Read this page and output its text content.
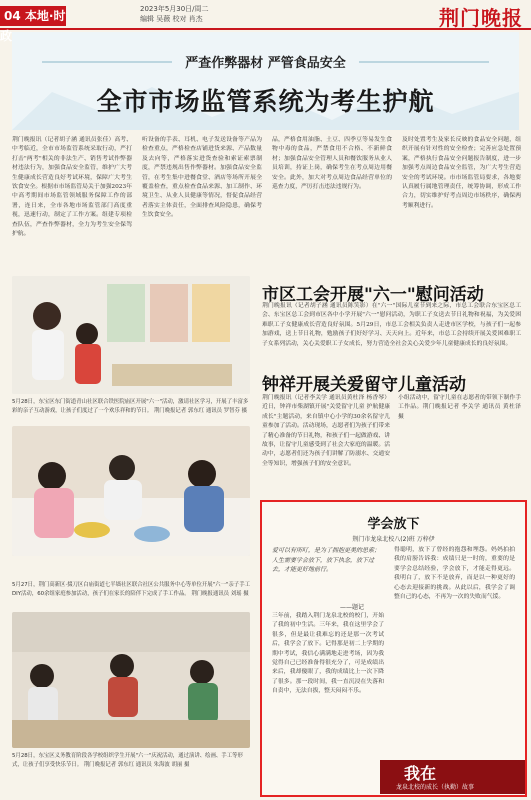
04 本地·时政
2023年5月30日/周二
编辑 吴薇 校对 肖杰	荆门晚报
严查作弊器材 严管食品安全
全市市场监管系统为考生护航
荆门晚报讯（记者胡子涵 通讯员张佳）高考、中考临近，全市市场监管系统采取行动，严打打击"两考"相关的非法生产、销售考试作弊器材违法行为，加强食品安全监管，维护广大考生健康成长营造良好考试环境，保障广大考生饮食安全。根据市市场监管局关于加强2023年中高考期间市场监管领域服务保障工作的部署，连日来，全市各地市场监管部门高度重视，迅速行动，制定了工作方案。组建专项检查队伍，严查作弊器材，全力为考生安全保驾护航。
听设备的手表、耳机、电子发送设备等产品为检查重点，严格检查店铺进货来源、产品数量及去向等，严格落实进货查验和索证索票制度，严禁违规出售作弊器材。加强食品安全监管，在考生集中进餐食堂、酒店等场所开展全覆盖检查，重点检查食品来源、加工制作、环境卫生、从业人员健康等情况，督促食品经营者落实主体责任，全面排查风险隐患，确保考生饮食安全。
品，严格食用油脂、土豆、四季豆等易发生食物中毒的食品，严禁食用不合格、不新鲜食材；加强食品安全管理人员和餐饮服务从业人员培训，持证上岗，确保考生在考点周边用餐安全。此外，加大对考点周边食品经营单位的巡查力度，严厉打击违法违规行为。
及时处置考生及家长反映的食品安全问题，组织开展有针对性的安全检查；完善应急处置预案，严格执行食品安全问题报告制度，进一步加强考点周边食品安全监管，为广大考生营造安全的考试环境。市市场监管局要求，各地要认真履行属地管理责任，统筹协调，形成工作合力，切实维护好考点周边市场秩序，确保两考顺利进行。
5月28日，东宝区东门街道青山社区联合铁医院庙区开展"六一"活动，激请社区学习，开展了丰富多彩的亲子互动游戏，让孩子们度过了一个欢乐祥和的节日。 荆门晚报记者 郭东红 通讯员 罗智芬 摄
5月27日，荆门高新区·掇刀区白庙街道七半墙社区联合社区公共服务中心等单位开展"六一"亲子手工DIY活动，60余组家庭参加活动，孩子们在家长的陪伴下完成了手工作品。 荆门晚报通讯员 刘瑶 摄
5月28日，东宝区义务教育阶段各学校组织学生开展"六一"庆祝活动，通过演讲、绘画、手工等形式，让孩子们享受快乐节日。 荆门晚报记者 郭东红 通讯员 朱海波 胡丽 摄
市区工会开展"六一"慰问活动
荆门晚报讯（记者胡子涵 通讯员陈笑影）在"六一"国际儿童节到来之际，市总工会联合东宝区总工会、东宝区总工会到市区各中小学开展"六一"慰问活动，为职工子女送去节日礼物和祝福，为关爱困难职工子女健康成长营造良好氛围。5月29日，市总工会相关负责人走进市区学校，与孩子们一起参加游戏，送上节日礼物，勉励孩子们好好学习、天天向上。近年来，市总工会持续开展关爱困难职工子女系列活动，关心关爱职工子女成长，努力营造全社会关心关爱少年儿童健康成长的良好氛围。
钟祥开展关爱留守儿童活动
荆门晚报讯（记者李关学 通讯员黄杜泽 杨香琴）近日，钟祥市柴湖镇开展"关爱留守儿童 护航健康成长"主题活动，来自镇中心小学的30余名留守儿童参加了活动。活动现场，志愿者们为孩子们带来了精心准备的节日礼物，和孩子们一起做游戏、讲故事，让留守儿童感受到了社会大家庭的温暖。活动中，志愿者们还为孩子们讲解了防溺水、交通安全等知识，增强孩子们的安全意识。
小组活动中，留守儿童在志愿者的带领下制作手工作品。荆门晚报记者 李关学 通讯员 黄杜泽 摄
学会放下
荆门市龙泉北校八(2)班 万梓伊
爱可以有所叮，是为了拥抱更美的思索；人生需要学会放下，放下执念，放下过去，才能更好地前行。
——题记
三年前，我踏入荆门龙泉北校的校门，开始了我的初中生活。三年来，我在这里学会了很多，但是最让我难忘的还是那一次考试后，我学会了放下。记得那是初二上学期的期中考试，我信心满满地走进考场，因为我觉得自己已经准备得很充分了，可是成绩出来后，我却傻眼了，我的成绩比上一次下降了很多。那一段时间，我一直沉浸在失落和自责中，无法自拔，整天闷闷不乐。
得聪明，放下了曾经的抱怨和埋怨。妈妈拍拍我的肩膀告诉我：成绩只是一时的，重要的是要学会总结经验，学会放下，才能走得更远。我明白了，放下不是放弃，而是以一种更好的心态去迎接新的挑战。从此以后，我学会了调整自己的心态，不再为一次的失败而气馁。
我在
龙泉北校的成长（执勤）故事
